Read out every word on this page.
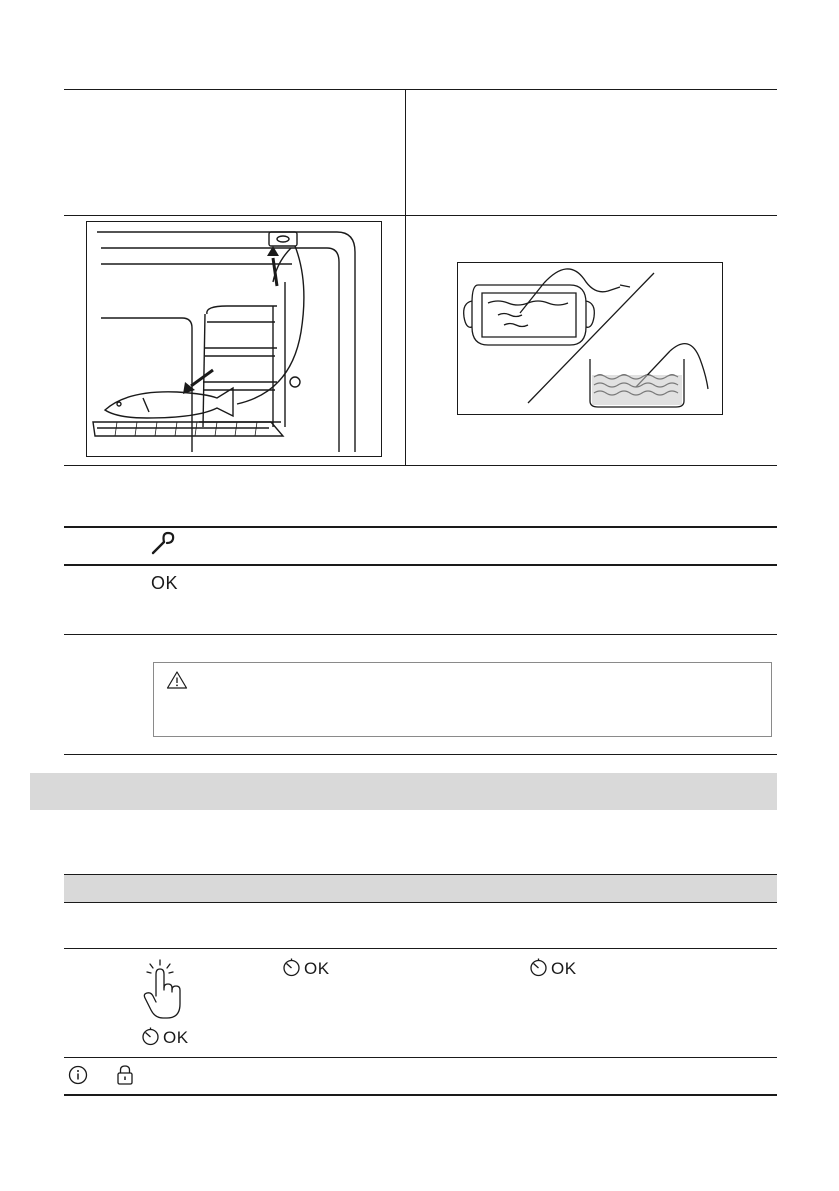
OK
OK
OK	OK
